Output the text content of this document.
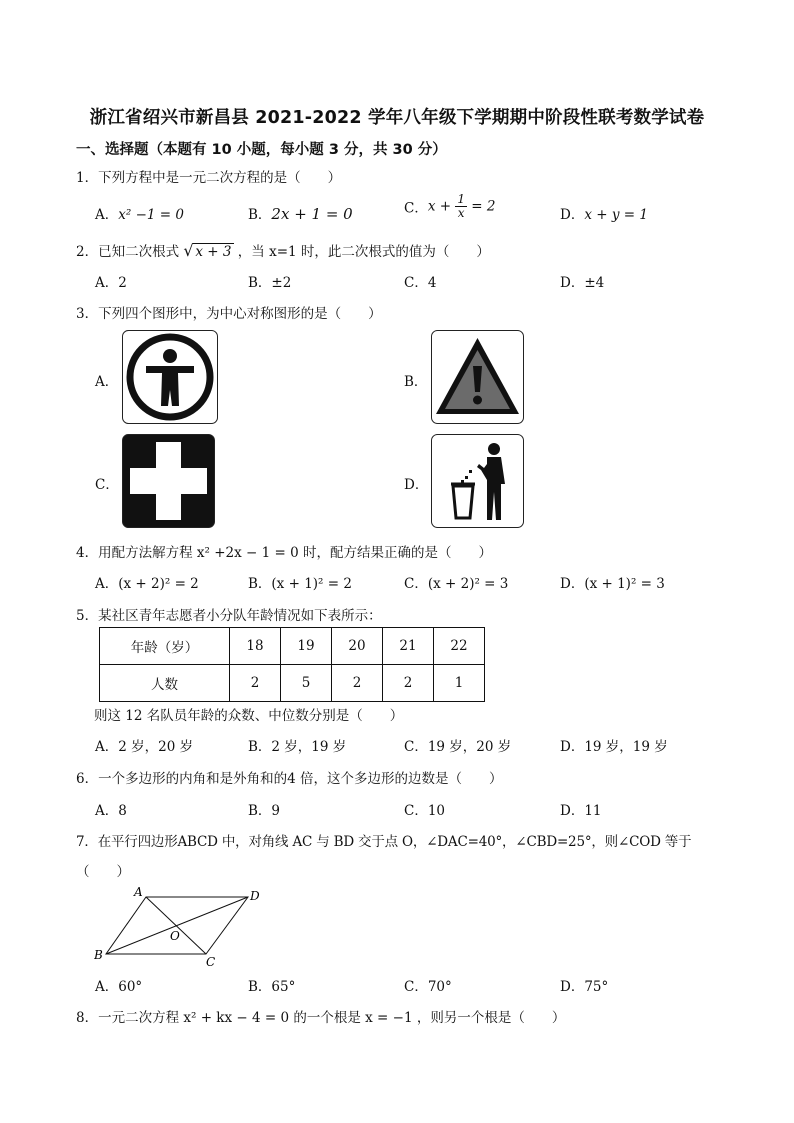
浙江省绍兴市新昌县 2021-2022 学年八年级下学期期中阶段性联考数学试卷
一、选择题（本题有 10 小题，每小题 3 分，共 30 分）
1．下列方程中是一元二次方程的是（　　）
A．x² −1 = 0	B．2x + 1 = 0	C．$x + \frac{1}{x} = 2$
D．x + y = 1
2．已知二次根式 √ x + 3 ，当 x=1 时，此二次根式的值为（　　）
A．2	B．±2	C．4	D．±4
3．下列四个图形中，为中心对称图形的是（　　）
A．	B．
C．	D．
4．用配方法解方程 x² +2x − 1 = 0 时，配方结果正确的是（　　）
A．(x + 2)² = 2	B．(x + 1)² = 2	C．(x + 2)² = 3	D．(x + 1)² = 3
5．某社区青年志愿者小分队年龄情况如下表所示：
年龄（岁）	18	19	20	21	22
人数	2	5	2	2	1
则这 12 名队员年龄的众数、中位数分别是（　　）
A．2 岁，20 岁	B．2 岁，19 岁	C．19 岁，20 岁	D．19 岁，19 岁
6．一个多边形的内角和是外角和的4 倍，这个多边形的边数是（　　）
A．8	B．9	C．10	D．11
7．在平行四边形ABCD 中，对角线 AC 与 BD 交于点 O，∠DAC=40°，∠CBD=25°，则∠COD 等于
（　　）
A	D
B	C
O
A．60°	B．65°	C．70°	D．75°
8．一元二次方程 x² + kx − 4 = 0 的一个根是 x = −1 ，则另一个根是（　　）
